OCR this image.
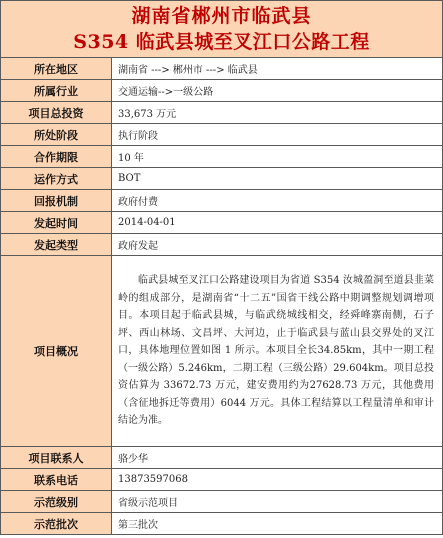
湖南省郴州市临武县
S354 临武县城至叉江口公路工程
所在地区	湖南省 ---> 郴州市 ---> 临武县
所属行业	交通运输-->一级公路
项目总投资	33,673 万元
所处阶段	执行阶段
合作期限	10 年
运作方式	BOT
回报机制	政府付费
发起时间	2014-04-01
发起类型	政府发起
项目概况	临武县城至叉江口公路建设项目为省道 S354 汝城盈洞至道县韭菜岭的组成部分，是湖南省“十二五”国省干线公路中期调整规划调增项目。本项目起于临武县城，与临武绕城线相交，经舜峰寨南侧，石子坪、西山林场、文昌坪、大河边，止于临武县与蓝山县交界处的叉江口，具体地理位置如图 1 所示。本项目全长34.85km，其中一期工程（一级公路）5.246km，二期工程（三级公路）29.604km。项目总投资估算为 33672.73 万元，建安费用约为27628.73 万元，其他费用（含征地拆迁等费用）6044 万元。具体工程结算以工程量清单和审计结论为准。
项目联系人	骆少华
联系电话	13873597068
示范级别	省级示范项目
示范批次	第三批次
